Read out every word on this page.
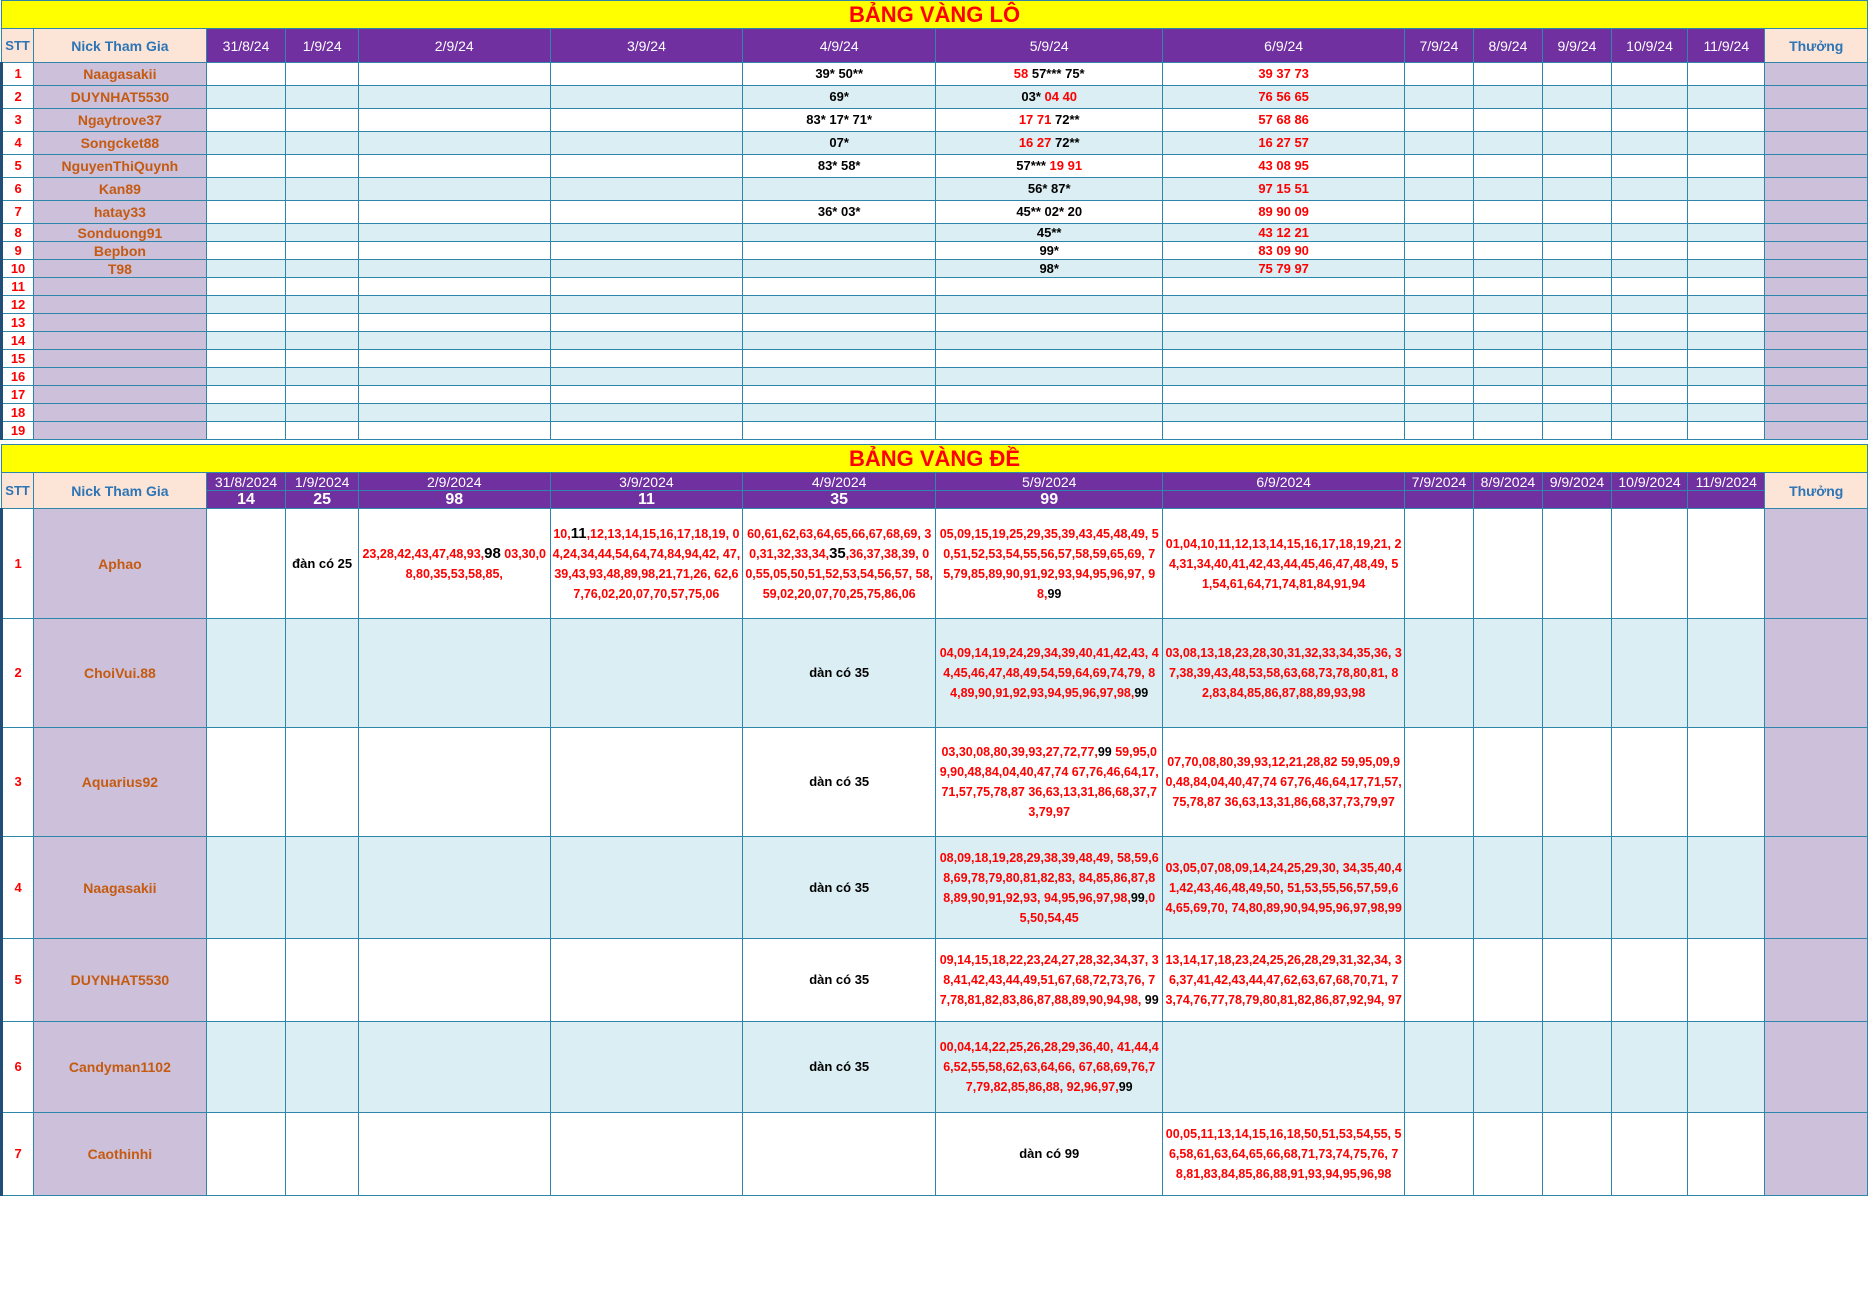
BẢNG VÀNG LÔ														
STT	Nick Tham Gia	31/8/24	1/9/24	2/9/24	3/9/24	4/9/24	5/9/24	6/9/24	7/9/24	8/9/24	9/9/24	10/9/24	11/9/24	Thưởng
1	Naagasakii					39* 50**	58 57*** 75*	39 37 73						
2	DUYNHAT5530					69*	03* 04 40	76 56 65						
3	Ngaytrove37					83* 17* 71*	17 71 72**	57 68 86						
4	Songcket88					07*	16 27 72**	16 27 57						
5	NguyenThiQuynh					83* 58*	57*** 19 91	43 08 95						
6	Kan89						56* 87*	97 15 51						
7	hatay33					36* 03*	45** 02* 20	89 90 09						
8	Sonduong91						45**	43 12 21						
9	Bepbon						99*	83 09 90						
10	T98						98*	75 79 97						
11														
12														
13														
14														
15														
16														
17														
18														
19														
BẢNG VÀNG ĐỀ														
STT	Nick Tham Gia	31/8/2024	1/9/2024	2/9/2024	3/9/2024	4/9/2024	5/9/2024	6/9/2024	7/9/2024	8/9/2024	9/9/2024	10/9/2024	11/9/2024	Thưởng
		14	25	98	11	35	99							
1	Aphao		đàn có 25	23,28,42,43,47,48,93,98 03,30,08,80,35,53,58,85,	10,11,12,13,14,15,16,17,18,19, 04,24,34,44,54,64,74,84,94,42, 47,39,43,93,48,89,98,21,71,26, 62,67,76,02,20,07,70,57,75,06	60,61,62,63,64,65,66,67,68,69, 30,31,32,33,34,35,36,37,38,39, 00,55,05,50,51,52,53,54,56,57, 58,59,02,20,07,70,25,75,86,06	05,09,15,19,25,29,35,39,43,45,48,49, 50,51,52,53,54,55,56,57,58,59,65,69, 75,79,85,89,90,91,92,93,94,95,96,97, 98,99	01,04,10,11,12,13,14,15,16,17,18,19,21, 24,31,34,40,41,42,43,44,45,46,47,48,49, 51,54,61,64,71,74,81,84,91,94						
2	ChoiVui.88					dàn có 35	04,09,14,19,24,29,34,39,40,41,42,43, 44,45,46,47,48,49,54,59,64,69,74,79, 84,89,90,91,92,93,94,95,96,97,98,99	03,08,13,18,23,28,30,31,32,33,34,35,36, 37,38,39,43,48,53,58,63,68,73,78,80,81, 82,83,84,85,86,87,88,89,93,98						
3	Aquarius92					dàn có 35	03,30,08,80,39,93,27,72,77,99 59,95,09,90,48,84,04,40,47,74 67,76,46,64,17,71,57,75,78,87 36,63,13,31,86,68,37,73,79,97	07,70,08,80,39,93,12,21,28,82 59,95,09,90,48,84,04,40,47,74 67,76,46,64,17,71,57,75,78,87 36,63,13,31,86,68,37,73,79,97						
4	Naagasakii					dàn có 35	08,09,18,19,28,29,38,39,48,49, 58,59,68,69,78,79,80,81,82,83, 84,85,86,87,88,89,90,91,92,93, 94,95,96,97,98,99,05,50,54,45	03,05,07,08,09,14,24,25,29,30, 34,35,40,41,42,43,46,48,49,50, 51,53,55,56,57,59,64,65,69,70, 74,80,89,90,94,95,96,97,98,99						
5	DUYNHAT5530					dàn có 35	09,14,15,18,22,23,24,27,28,32,34,37, 38,41,42,43,44,49,51,67,68,72,73,76, 77,78,81,82,83,86,87,88,89,90,94,98, 99	13,14,17,18,23,24,25,26,28,29,31,32,34, 36,37,41,42,43,44,47,62,63,67,68,70,71, 73,74,76,77,78,79,80,81,82,86,87,92,94, 97						
6	Candyman1102					dàn có 35	00,04,14,22,25,26,28,29,36,40, 41,44,46,52,55,58,62,63,64,66, 67,68,69,76,77,79,82,85,86,88, 92,96,97,99							
7	Caothinhi						dàn có 99	00,05,11,13,14,15,16,18,50,51,53,54,55, 56,58,61,63,64,65,66,68,71,73,74,75,76, 78,81,83,84,85,86,88,91,93,94,95,96,98						
